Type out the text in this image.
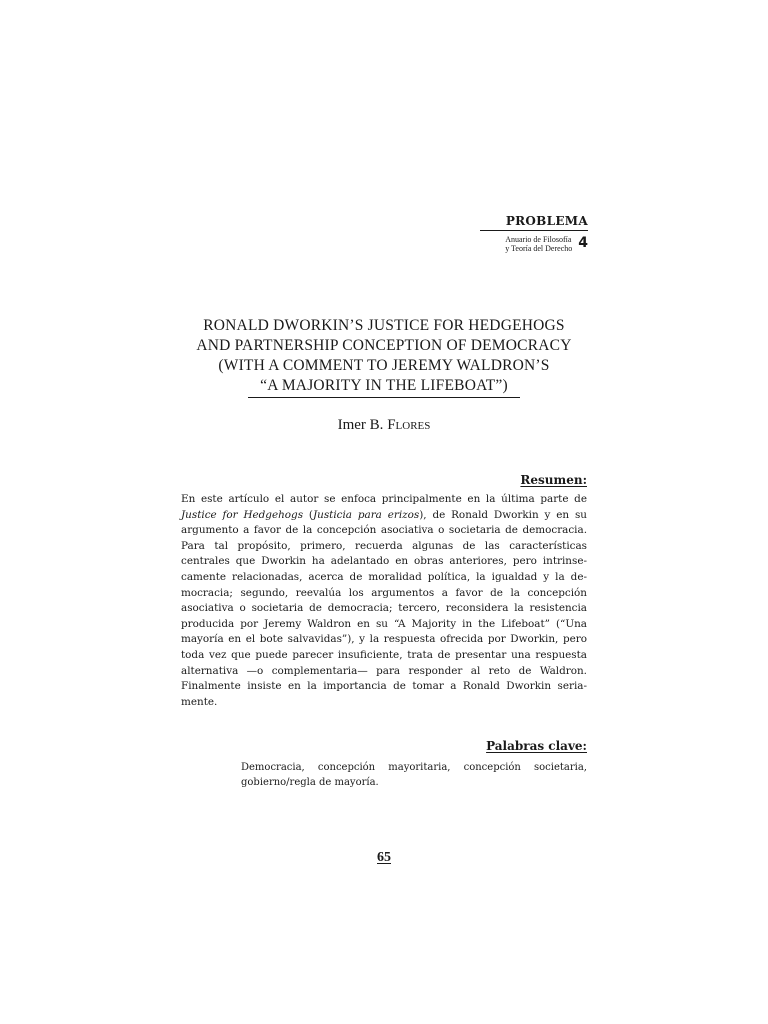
PROBLEMA
Anuario de Filosofía
y Teoría del Derecho 4
RONALD DWORKIN’S JUSTICE FOR HEDGEHOGS
AND PARTNERSHIP CONCEPTION OF DEMOCRACY
(WITH A COMMENT TO JEREMY WALDRON’S
“A MAJORITY IN THE LIFEBOAT”)
Imer B. Flores
Resumen:
En este artículo el autor se enfoca principalmente en la última parte de Justice for Hedgehogs (Justicia para erizos), de Ronald Dworkin y en su argumento a favor de la concepción asociativa o societaria de democracia. Para tal propósito, primero, recuerda algunas de las características centrales que Dworkin ha adelantado en obras anteriores, pero intrinsecamente relacionadas, acerca de moralidad política, la igualdad y la democracia; segundo, reevalúa los argumentos a favor de la concepción asociativa o societaria de democracia; tercero, reconsidera la resistencia producida por Jeremy Waldron en su “A Majority in the Lifeboat” (“Una mayoría en el bote salvavidas”), y la respuesta ofrecida por Dworkin, pero toda vez que puede parecer insuficiente, trata de presentar una respuesta alternativa —o complementaria— para responder al reto de Waldron. Finalmente insiste en la importancia de tomar a Ronald Dworkin seriamente.
Palabras clave:
Democracia, concepción mayoritaria, concepción societaria, gobierno/regla de mayoría.
65
